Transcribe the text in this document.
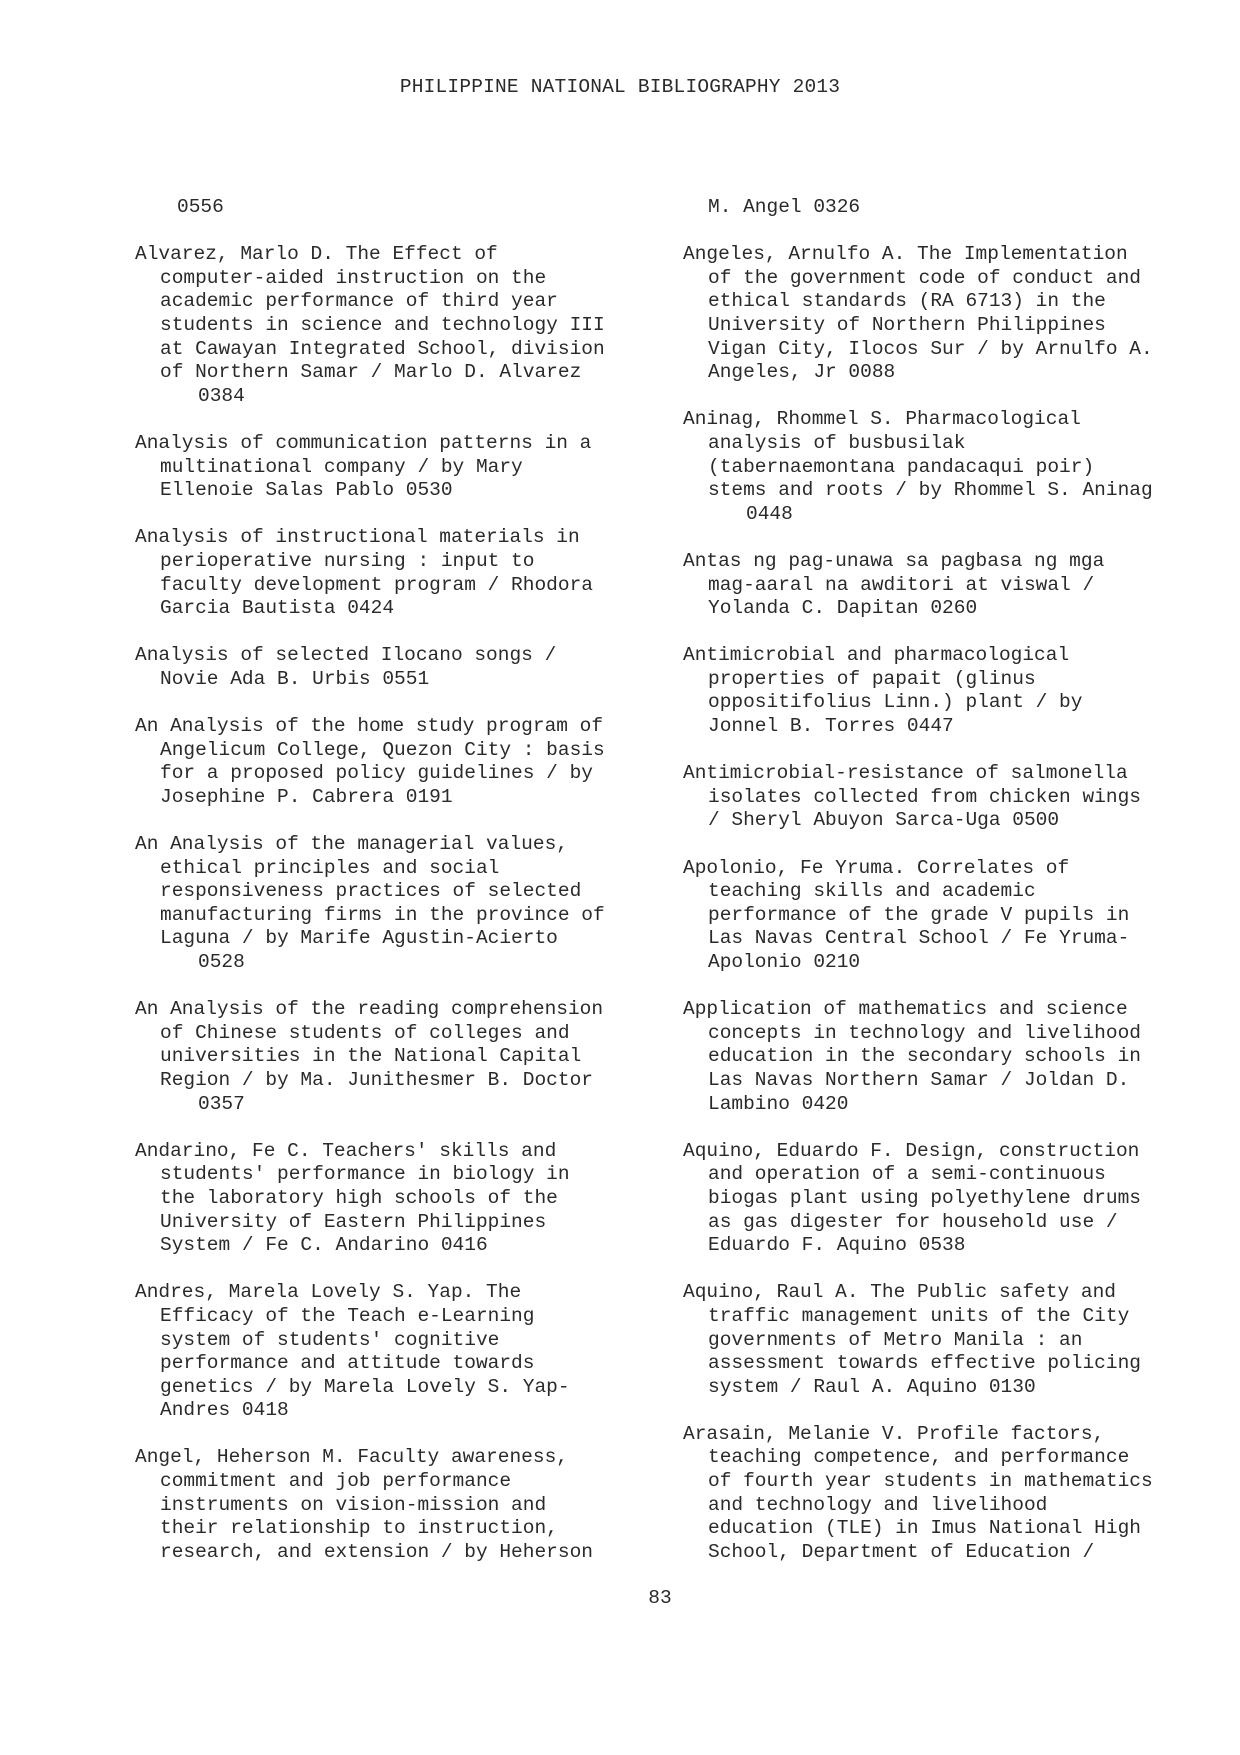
PHILIPPINE NATIONAL BIBLIOGRAPHY 2013
0556
Alvarez, Marlo D. The Effect of
computer-aided instruction on the
academic performance of third year
students in science and technology III
at Cawayan Integrated School, division
of Northern Samar / Marlo D. Alvarez
0384
Analysis of communication patterns in a
multinational company / by Mary
Ellenoie Salas Pablo 0530
Analysis of instructional materials in
perioperative nursing : input to
faculty development program / Rhodora
Garcia Bautista 0424
Analysis of selected Ilocano songs /
Novie Ada B. Urbis 0551
An Analysis of the home study program of
Angelicum College, Quezon City : basis
for a proposed policy guidelines / by
Josephine P. Cabrera 0191
An Analysis of the managerial values,
ethical principles and social
responsiveness practices of selected
manufacturing firms in the province of
Laguna / by Marife Agustin-Acierto
0528
An Analysis of the reading comprehension
of Chinese students of colleges and
universities in the National Capital
Region / by Ma. Junithesmer B. Doctor
0357
Andarino, Fe C. Teachers' skills and
students' performance in biology in
the laboratory high schools of the
University of Eastern Philippines
System / Fe C. Andarino 0416
Andres, Marela Lovely S. Yap. The
Efficacy of the Teach e-Learning
system of students' cognitive
performance and attitude towards
genetics / by Marela Lovely S. Yap-
Andres 0418
Angel, Heherson M. Faculty awareness,
commitment and job performance
instruments on vision-mission and
their relationship to instruction,
research, and extension / by Heherson
M. Angel 0326
Angeles, Arnulfo A. The Implementation
of the government code of conduct and
ethical standards (RA 6713) in the
University of Northern Philippines
Vigan City, Ilocos Sur / by Arnulfo A.
Angeles, Jr 0088
Aninag, Rhommel S. Pharmacological
analysis of busbusilak
(tabernaemontana pandacaqui poir)
stems and roots / by Rhommel S. Aninag
0448
Antas ng pag-unawa sa pagbasa ng mga
mag-aaral na awditori at viswal /
Yolanda C. Dapitan 0260
Antimicrobial and pharmacological
properties of papait (glinus
oppositifolius Linn.) plant / by
Jonnel B. Torres 0447
Antimicrobial-resistance of salmonella
isolates collected from chicken wings
/ Sheryl Abuyon Sarca-Uga 0500
Apolonio, Fe Yruma. Correlates of
teaching skills and academic
performance of the grade V pupils in
Las Navas Central School / Fe Yruma-
Apolonio 0210
Application of mathematics and science
concepts in technology and livelihood
education in the secondary schools in
Las Navas Northern Samar / Joldan D.
Lambino 0420
Aquino, Eduardo F. Design, construction
and operation of a semi-continuous
biogas plant using polyethylene drums
as gas digester for household use /
Eduardo F. Aquino 0538
Aquino, Raul A. The Public safety and
traffic management units of the City
governments of Metro Manila : an
assessment towards effective policing
system / Raul A. Aquino 0130
Arasain, Melanie V. Profile factors,
teaching competence, and performance
of fourth year students in mathematics
and technology and livelihood
education (TLE) in Imus National High
School, Department of Education /
83
